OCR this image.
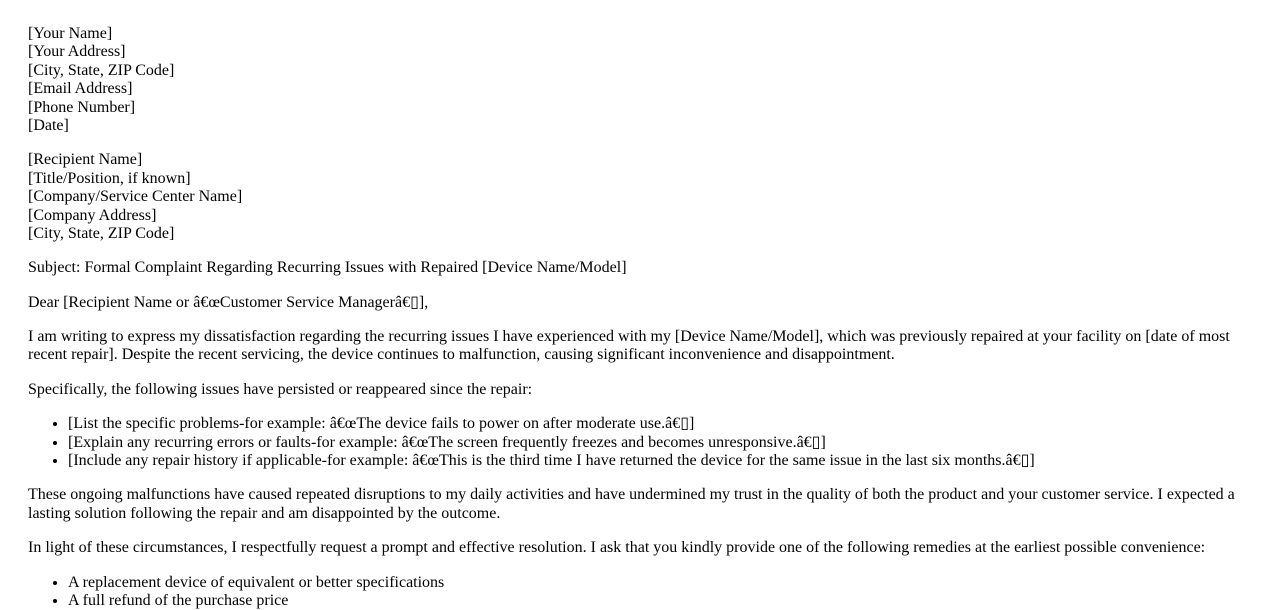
[Your Name]
[Your Address]
[City, State, ZIP Code]
[Email Address]
[Phone Number]
[Date]

[Recipient Name]
[Title/Position, if known]
[Company/Service Center Name]
[Company Address]
[City, State, ZIP Code]

Subject: Formal Complaint Regarding Recurring Issues with Repaired [Device Name/Model]

Dear [Recipient Name or â€œCustomer Service Managerâ€▯],

I am writing to express my dissatisfaction regarding the recurring issues I have experienced with my [Device Name/Model], which was previously repaired at your facility on [date of most recent repair]. Despite the recent servicing, the device continues to malfunction, causing significant inconvenience and disappointment.

Specifically, the following issues have persisted or reappeared since the repair:

• [List the specific problems-for example: â€œThe device fails to power on after moderate use.â€▯]
• [Explain any recurring errors or faults-for example: â€œThe screen frequently freezes and becomes unresponsive.â€▯]
• [Include any repair history if applicable-for example: â€œThis is the third time I have returned the device for the same issue in the last six months.â€▯]

These ongoing malfunctions have caused repeated disruptions to my daily activities and have undermined my trust in the quality of both the product and your customer service. I expected a lasting solution following the repair and am disappointed by the outcome.

In light of these circumstances, I respectfully request a prompt and effective resolution. I ask that you kindly provide one of the following remedies at the earliest possible convenience:

• A replacement device of equivalent or better specifications
• A full refund of the purchase price
